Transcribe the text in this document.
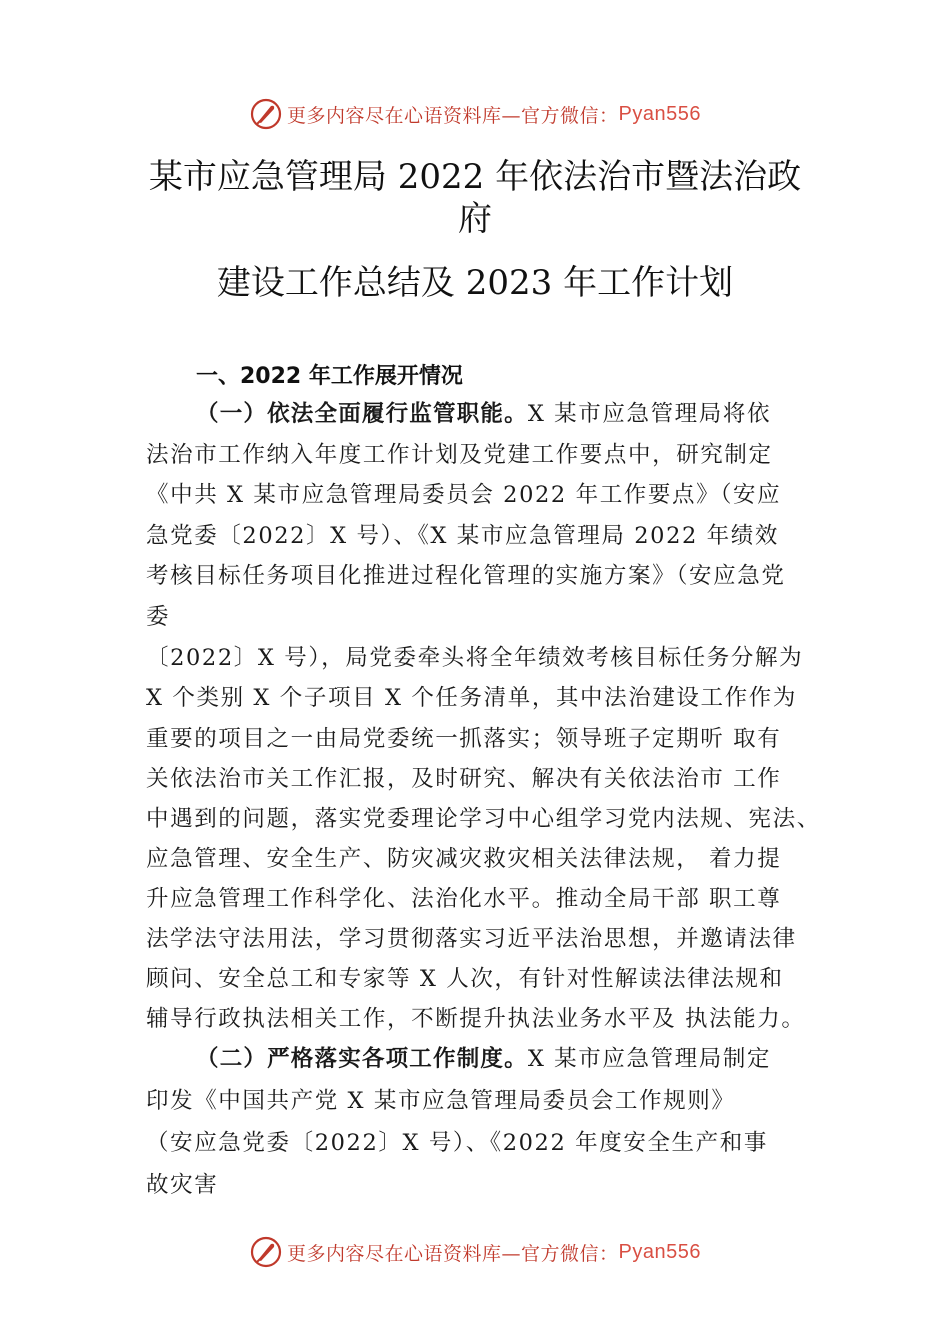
更多内容尽在心语资料库—官方微信： Pyan556
某市应急管理局 2022 年依法治市暨法治政
府
建设工作总结及 2023 年工作计划
一、2022 年工作展开情况
（一）依法全面履行监管职能。X 某市应急管理局将依
法治市工作纳入年度工作计划及党建工作要点中，研究制定
《中共 X 某市应急管理局委员会 2022 年工作要点》（安应
急党委〔2022〕X 号）、《X 某市应急管理局 2022 年绩效
考核目标任务项目化推进过程化管理的实施方案》（安应急党
委
〔2022〕X 号），局党委牵头将全年绩效考核目标任务分解为
X 个类别 X 个子项目 X 个任务清单，其中法治建设工作作为
重要的项目之一由局党委统一抓落实；领导班子定期听 取有
关依法治市关工作汇报，及时研究、解决有关依法治市 工作
中遇到的问题，落实党委理论学习中心组学习党内法规、宪法、
应急管理、安全生产、防灾减灾救灾相关法律法规， 着力提
升应急管理工作科学化、法治化水平。推动全局干部 职工尊
法学法守法用法，学习贯彻落实习近平法治思想，并邀请法律
顾问、安全总工和专家等 X 人次，有针对性解读法律法规和
辅导行政执法相关工作，不断提升执法业务水平及 执法能力。
（二）严格落实各项工作制度。X 某市应急管理局制定
印发《中国共产党 X 某市应急管理局委员会工作规则》
（安应急党委〔2022〕X 号）、《2022 年度安全生产和事
故灾害
更多内容尽在心语资料库—官方微信： Pyan556
